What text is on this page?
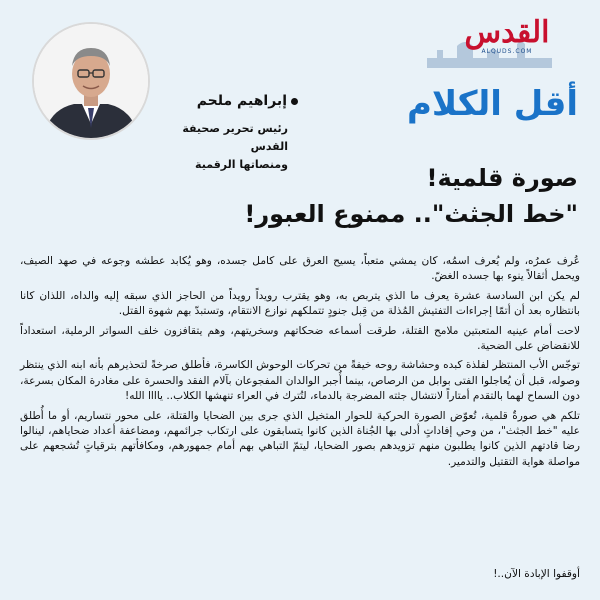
القدس
ALQUDS.COM
أقل الكلام
إبراهيم ملحم
رئيس تحرير صحيفة القدس
ومنصاتها الرقمية	صورة قلمية!
"خط الجثث".. ممنوع العبور!

عُرف عمرُه، ولم يُعرف اسمُه، كان يمشي متعباً، يسيح العرق على كامل جسده، وهو يُكابد عطشه وجوعه في صهد الصيف، ويحمل أثقالاً ينوء بها جسده الغضّ.

لم يكن ابن السادسة عشرة يعرف ما الذي يتربص به، وهو يقترب رويداً رويداً من الحاجز الذي سبقه إليه والداه، اللذان كانا بانتظاره بعد أن أتمّا إجراءات التفتيش المُذلة من قِبل جنودٍ تتملكهم نوازع الانتقام، وتستبدّ بهم شهوة القتل.

لاحت أمام عينيه المتعبتين ملامح القتلة، طرقت أسماعه ضحكاتهم وسخريتهم، وهم يتقافزون خلف السواتر الرملية، استعداداً للانقضاض على الضحية.

توجّس الأب المنتظر لفلذة كبده وحشاشة روحه خيفةً من تحركات الوحوش الكاسرة، فأطلق صرخةً لتحذيرهم بأنه ابنه الذي ينتظر وصوله، قبل أن يُعاجلوا الفتى بوابل من الرصاص، بينما أُجبر الوالدان المفجوعان بآلام الفقد والحسرة على مغادرة المكان بسرعة، دون السماح لهما بالتقدم أمتاراً لانتشال جثته المضرجة بالدماء، لتُترك في العراء تنهشها الكلاب.. ياااا الله!

تلكم هي صورةٌ قلمية، تُعوّض الصورة الحركية للحوار المتخيل الذي جرى بين الضحايا والقتلة، على محور نتساريم، أو ما أُطلق عليه "خط الجثث"، من وحي إفاداتٍ أدلى بها الجُناة الذين كانوا يتسابقون على ارتكاب جرائمهم، ومضاعفة أعداد ضحاياهم، لينالوا رضا قادتهم الذين كانوا يطلبون منهم تزويدهم بصور الضحايا، ليتمّ التباهي بهم أمام جمهورهم، ومكافأتهم بترقياتٍ تُشجعهم على مواصلة هواية التقتيل والتدمير.

أوقفوا الإبادة الآن..!
